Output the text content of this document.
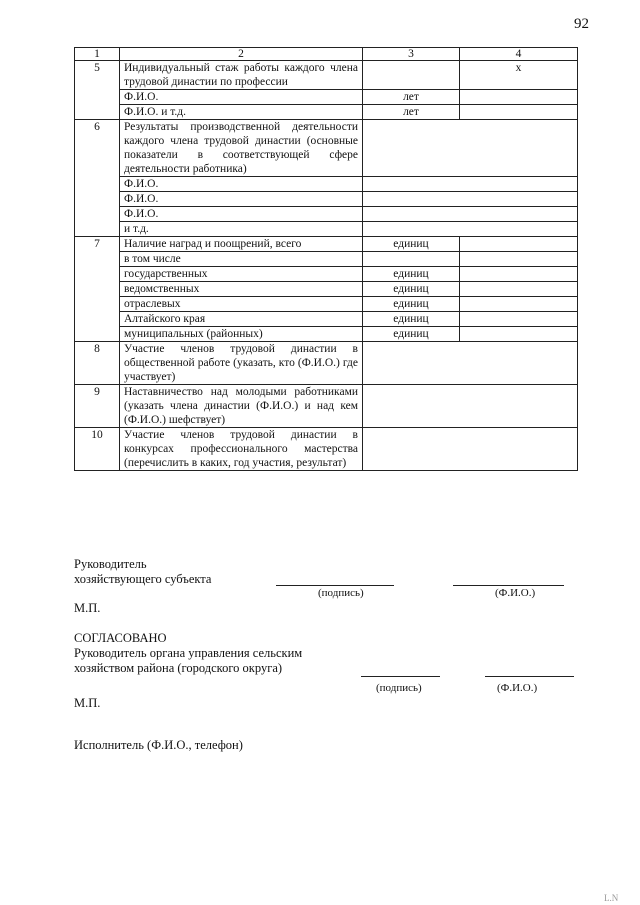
92
1	2	3	4
5	Индивидуальный стаж работы каждого члена трудовой династии по профессии		х
	Ф.И.О.	лет	
	Ф.И.О. и т.д.	лет	
6	Результаты производственной деятельности каждого члена трудовой династии (основные показатели в соответствующей сфере деятельности работника)		
	Ф.И.О.		
	Ф.И.О.		
	Ф.И.О.		
	и т.д.		
7	Наличие наград и поощрений, всего	единиц	
	в том числе		
	государственных	единиц	
	ведомственных	единиц	
	отраслевых	единиц	
	Алтайского края	единиц	
	муниципальных (районных)	единиц	
8	Участие членов трудовой династии в общественной работе (указать, кто (Ф.И.О.) где участвует)		
9	Наставничество над молодыми работниками (указать члена династии (Ф.И.О.) и над кем (Ф.И.О.) шефствует)		
10	Участие членов трудовой династии в конкурсах профессионального мастерства (перечислить в каких, год участия, результат)		
Руководитель
хозяйствующего субъекта
(подпись)	(Ф.И.О.)
М.П.
СОГЛАСОВАНО
Руководитель органа управления сельским
хозяйством района (городского округа)
(подпись)	(Ф.И.О.)
М.П.
Исполнитель (Ф.И.О., телефон)
L.N
